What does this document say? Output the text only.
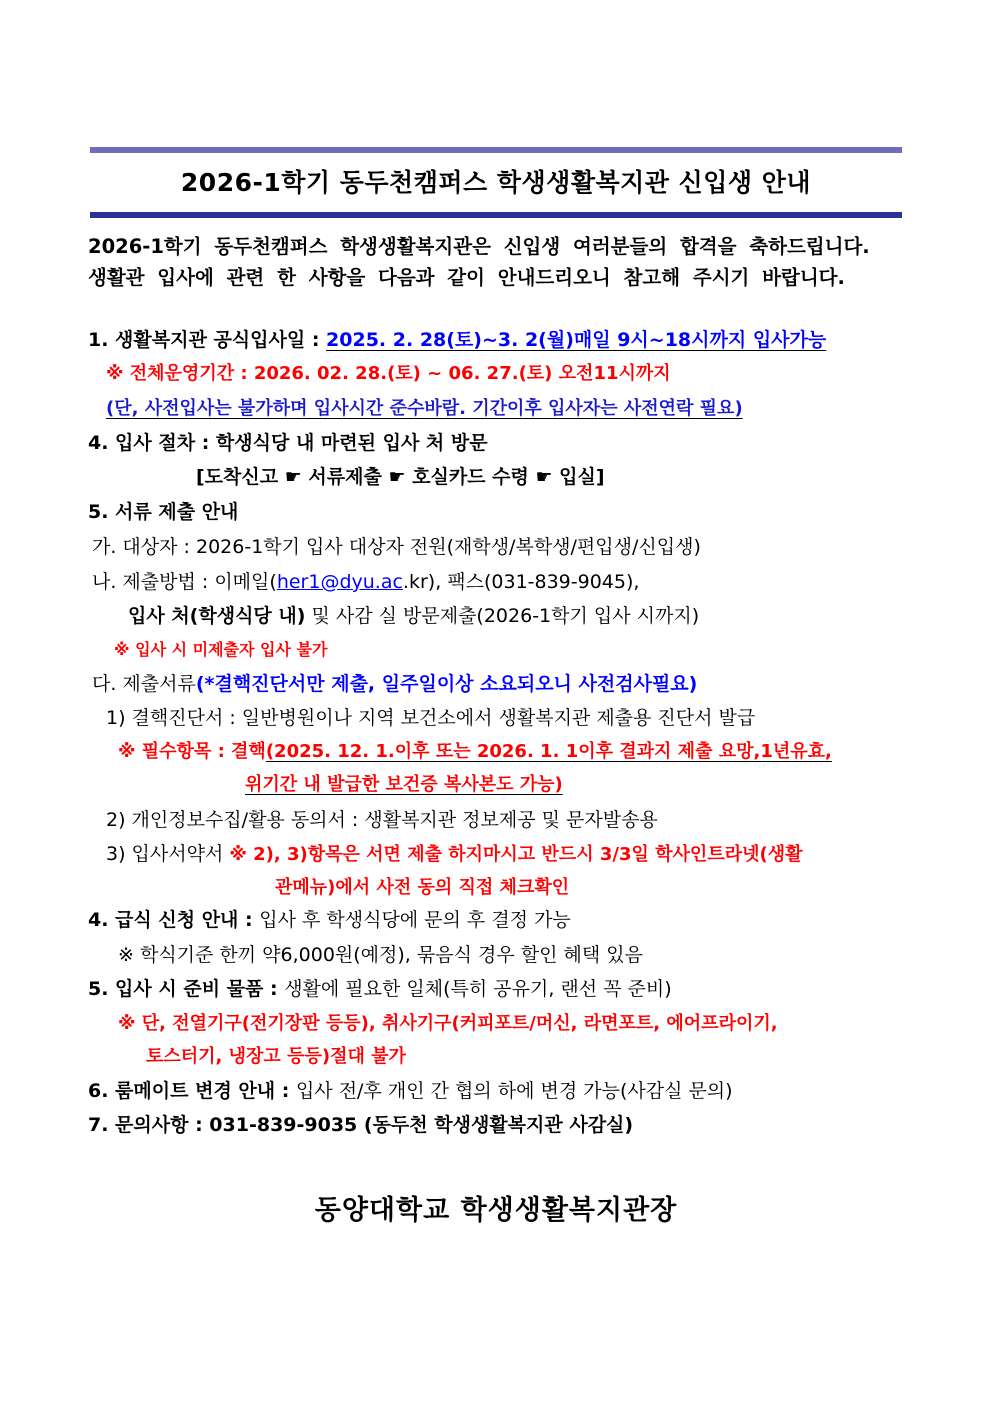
2026-1학기 동두천캠퍼스 학생생활복지관 신입생 안내
2026-1학기 동두천캠퍼스 학생생활복지관은 신입생 여러분들의 합격을 축하드립니다.
생활관 입사에 관련 한 사항을 다음과 같이 안내드리오니 참고해 주시기 바랍니다.
1. 생활복지관 공식입사일 : 2025. 2. 28(토)~3. 2(월)매일 9시~18시까지 입사가능
※ 전체운영기간 : 2026. 02. 28.(토) ~ 06. 27.(토) 오전11시까지
(단, 사전입사는 불가하며 입사시간 준수바람. 기간이후 입사자는 사전연락 필요)
4. 입사 절차 : 학생식당 내 마련된 입사 처 방문
[도착신고 ☛ 서류제출 ☛ 호실카드 수령 ☛ 입실]
5. 서류 제출 안내
가. 대상자 : 2026-1학기 입사 대상자 전원(재학생/복학생/편입생/신입생)
나. 제출방법 : 이메일(her1@dyu.ac.kr), 팩스(031-839-9045),
입사 처(학생식당 내) 및 사감 실 방문제출(2026-1학기 입사 시까지)
※ 입사 시 미제출자 입사 불가
다. 제출서류(*결핵진단서만 제출, 일주일이상 소요되오니 사전검사필요)
1) 결핵진단서 : 일반병원이나 지역 보건소에서 생활복지관 제출용 진단서 발급
※ 필수항목 : 결핵(2025. 12. 1.이후 또는 2026. 1. 1이후 결과지 제출 요망,1년유효,
위기간 내 발급한 보건증 복사본도 가능)
2) 개인정보수집/활용 동의서 : 생활복지관 정보제공 및 문자발송용
3) 입사서약서 ※ 2), 3)항목은 서면 제출 하지마시고 반드시 3/3일 학사인트라넷(생활
관메뉴)에서 사전 동의 직접 체크확인
4. 급식 신청 안내 : 입사 후 학생식당에 문의 후 결정 가능
※ 학식기준 한끼 약6,000원(예정), 묶음식 경우 할인 혜택 있음
5. 입사 시 준비 물품 : 생활에 필요한 일체(특히 공유기, 랜선 꼭 준비)
※ 단, 전열기구(전기장판 등등), 취사기구(커피포트/머신, 라면포트, 에어프라이기,
토스터기, 냉장고 등등)절대 불가
6. 룸메이트 변경 안내 : 입사 전/후 개인 간 협의 하에 변경 가능(사감실 문의)
7. 문의사항 : 031-839-9035 (동두천 학생생활복지관 사감실)
동양대학교 학생생활복지관장
